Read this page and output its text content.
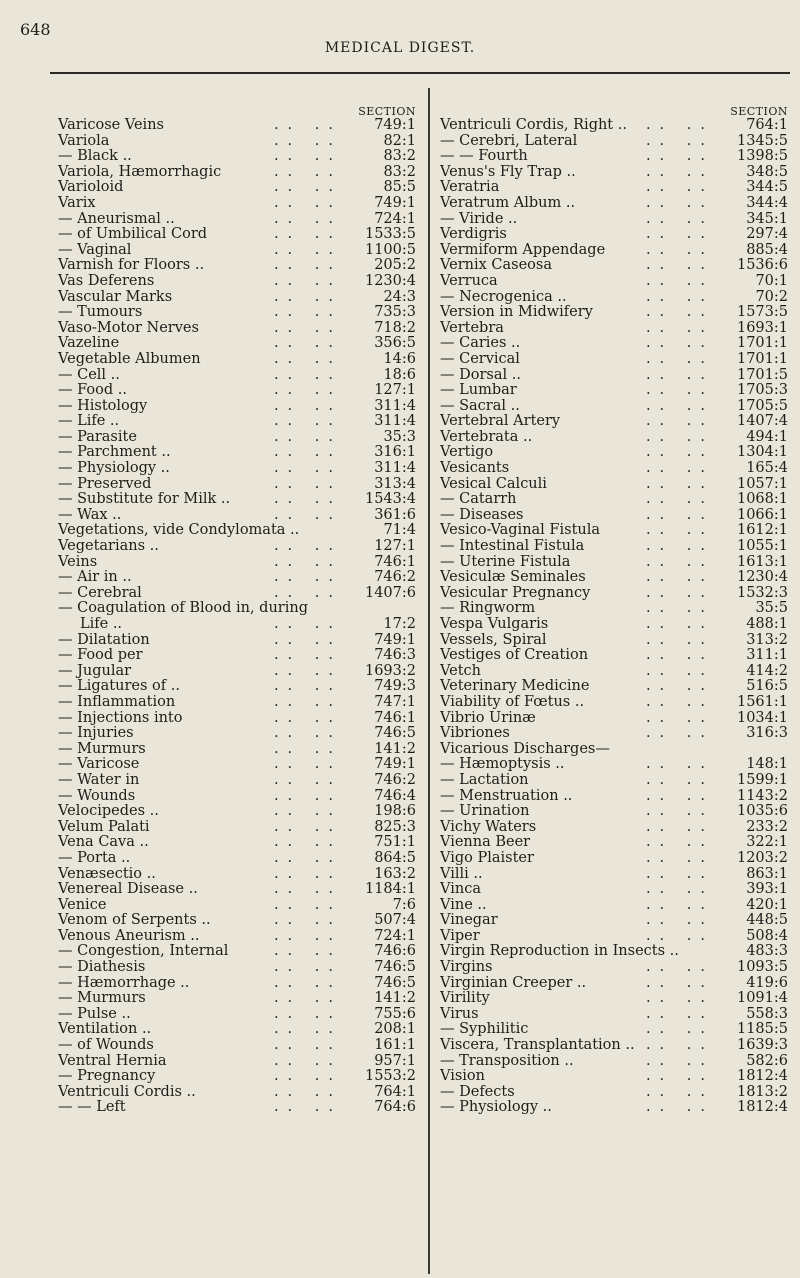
648
MEDICAL DIGEST.
SECTION
Varicose Veins	749:1
.. ..
Variola	82:1
.. ..
— Black ..	83:2
.. ..
Variola, Hæmorrhagic	83:2
.. ..
Varioloid	85:5
.. ..
Varix	749:1
.. ..
— Aneurismal ..	724:1
.. ..
— of Umbilical Cord	1533:5
.. ..
— Vaginal	1100:5
.. ..
Varnish for Floors ..	205:2
.. ..
Vas Deferens	1230:4
.. ..
Vascular Marks	24:3
.. ..
— Tumours	735:3
.. ..
Vaso-Motor Nerves	718:2
.. ..
Vazeline	356:5
.. ..
Vegetable Albumen	14:6
.. ..
— Cell ..	18:6
.. ..
— Food ..	127:1
.. ..
— Histology	311:4
.. ..
— Life ..	311:4
.. ..
— Parasite	35:3
.. ..
— Parchment ..	316:1
.. ..
— Physiology ..	311:4
.. ..
— Preserved	313:4
.. ..
— Substitute for Milk ..	1543:4
.. ..
— Wax ..	361:6
.. ..
Vegetations, vide Condylomata ..	71:4
Vegetarians ..	127:1
.. ..
Veins	746:1
.. ..
— Air in ..	746:2
.. ..
— Cerebral	1407:6
.. ..
— Coagulation of Blood in, during
Life ..	17:2
.. ..
— Dilatation	749:1
.. ..
— Food per	746:3
.. ..
— Jugular	1693:2
.. ..
— Ligatures of ..	749:3
.. ..
— Inflammation	747:1
.. ..
— Injections into	746:1
.. ..
— Injuries	746:5
.. ..
— Murmurs	141:2
.. ..
— Varicose	749:1
.. ..
— Water in	746:2
.. ..
— Wounds	746:4
.. ..
Velocipedes ..	198:6
.. ..
Velum Palati	825:3
.. ..
Vena Cava ..	751:1
.. ..
— Porta ..	864:5
.. ..
Venæsectio ..	163:2
.. ..
Venereal Disease ..	1184:1
.. ..
Venice	7:6
.. ..
Venom of Serpents ..	507:4
.. ..
Venous Aneurism ..	724:1
.. ..
— Congestion, Internal	746:6
.. ..
— Diathesis	746:5
.. ..
— Hæmorrhage ..	746:5
.. ..
— Murmurs	141:2
.. ..
— Pulse ..	755:6
.. ..
Ventilation ..	208:1
.. ..
— of Wounds	161:1
.. ..
Ventral Hernia	957:1
.. ..
— Pregnancy	1553:2
.. ..
Ventriculi Cordis ..	764:1
.. ..
— — Left	764:6
.. ..
SECTION
Ventriculi Cordis, Right ..	764:1
.. ..
— Cerebri, Lateral	1345:5
.. ..
— — Fourth	1398:5
.. ..
Venus's Fly Trap ..	348:5
.. ..
Veratria	344:5
.. ..
Veratrum Album ..	344:4
.. ..
— Viride ..	345:1
.. ..
Verdigris	297:4
.. ..
Vermiform Appendage	885:4
.. ..
Vernix Caseosa	1536:6
.. ..
Verruca	70:1
.. ..
— Necrogenica ..	70:2
.. ..
Version in Midwifery	1573:5
.. ..
Vertebra	1693:1
.. ..
— Caries ..	1701:1
.. ..
— Cervical	1701:1
.. ..
— Dorsal ..	1701:5
.. ..
— Lumbar	1705:3
.. ..
— Sacral ..	1705:5
.. ..
Vertebral Artery	1407:4
.. ..
Vertebrata ..	494:1
.. ..
Vertigo	1304:1
.. ..
Vesicants	165:4
.. ..
Vesical Calculi	1057:1
.. ..
— Catarrh	1068:1
.. ..
— Diseases	1066:1
.. ..
Vesico-Vaginal Fistula	1612:1
.. ..
— Intestinal Fistula	1055:1
.. ..
— Uterine Fistula	1613:1
.. ..
Vesiculæ Seminales	1230:4
.. ..
Vesicular Pregnancy	1532:3
.. ..
— Ringworm	35:5
.. ..
Vespa Vulgaris	488:1
.. ..
Vessels, Spiral	313:2
.. ..
Vestiges of Creation	311:1
.. ..
Vetch	414:2
.. ..
Veterinary Medicine	516:5
.. ..
Viability of Fœtus ..	1561:1
.. ..
Vibrio Urinæ	1034:1
.. ..
Vibriones	316:3
.. ..
Vicarious Discharges—
— Hæmoptysis ..	148:1
.. ..
— Lactation	1599:1
.. ..
— Menstruation ..	1143:2
.. ..
— Urination	1035:6
.. ..
Vichy Waters	233:2
.. ..
Vienna Beer	322:1
.. ..
Vigo Plaister	1203:2
.. ..
Villi ..	863:1
.. ..
Vinca	393:1
.. ..
Vine ..	420:1
.. ..
Vinegar	448:5
.. ..
Viper	508:4
.. ..
Virgin Reproduction in Insects ..	483:3
Virgins	1093:5
.. ..
Virginian Creeper ..	419:6
.. ..
Virility	1091:4
.. ..
Virus	558:3
.. ..
— Syphilitic	1185:5
.. ..
Viscera, Transplantation ..	1639:3
.. ..
— Transposition ..	582:6
.. ..
Vision	1812:4
.. ..
— Defects	1813:2
.. ..
— Physiology ..	1812:4
.. ..
